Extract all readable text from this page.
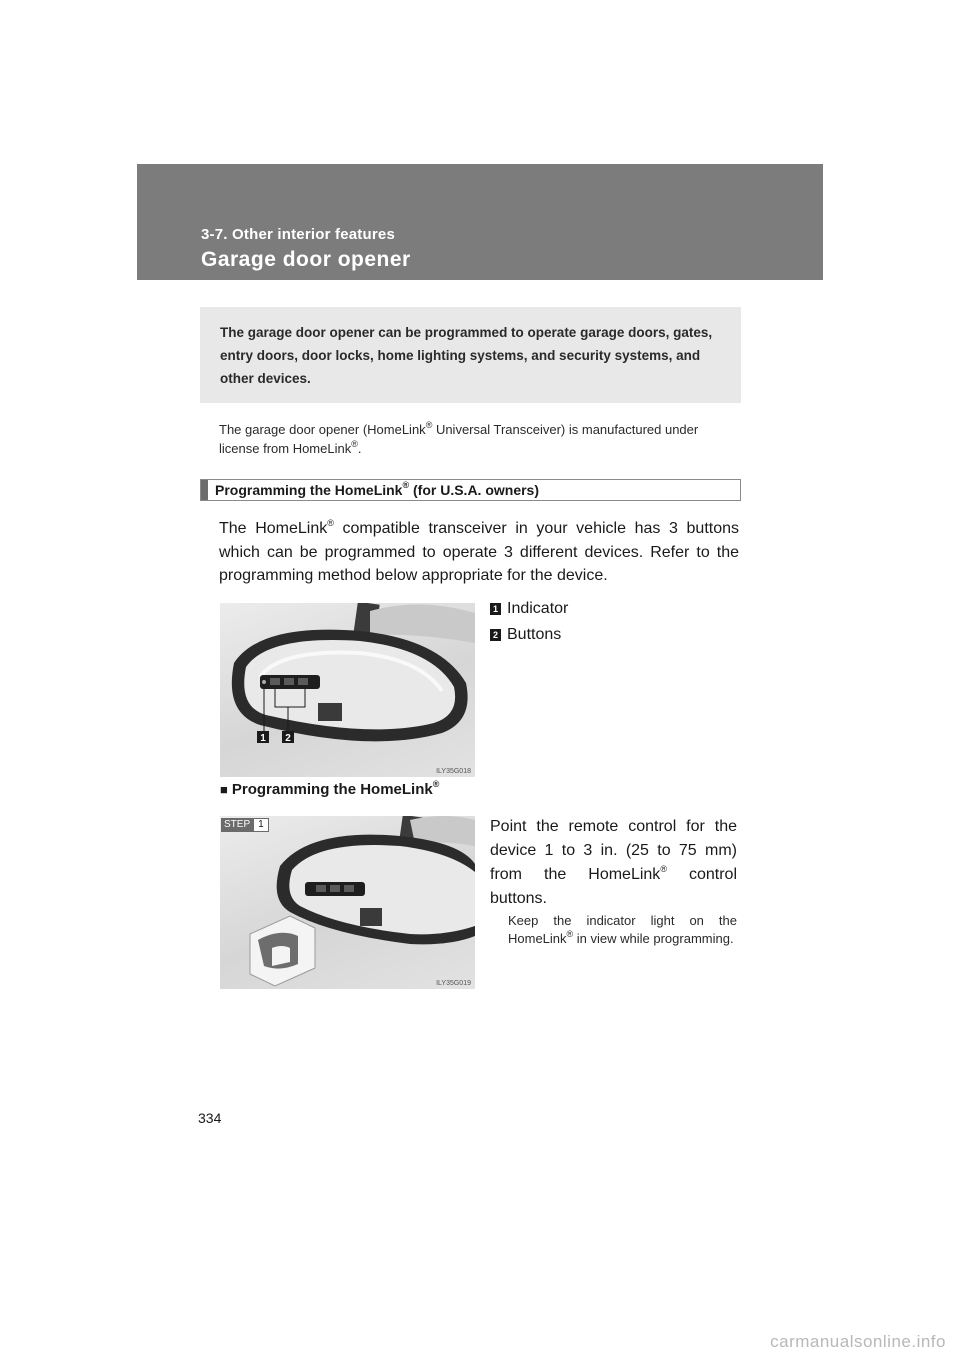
3-7. Other interior features
Garage door opener
The garage door opener can be programmed to operate garage doors, gates, entry doors, door locks, home lighting systems, and security systems, and other devices.
The garage door opener (HomeLink® Universal Transceiver) is manufactured under license from HomeLink®.
Programming the HomeLink® (for U.S.A. owners)
The HomeLink® compatible transceiver in your vehicle has 3 buttons which can be programmed to operate 3 different devices. Refer to the programming method below appropriate for the device.
1 2
ILY35G018
1 Indicator
2 Buttons
■ Programming the HomeLink®
STEP 1
ILY35G019
Point the remote control for the device 1 to 3 in. (25 to 75 mm) from the HomeLink® control buttons.
Keep the indicator light on the HomeLink® in view while programming.
334
carmanualsonline.info
